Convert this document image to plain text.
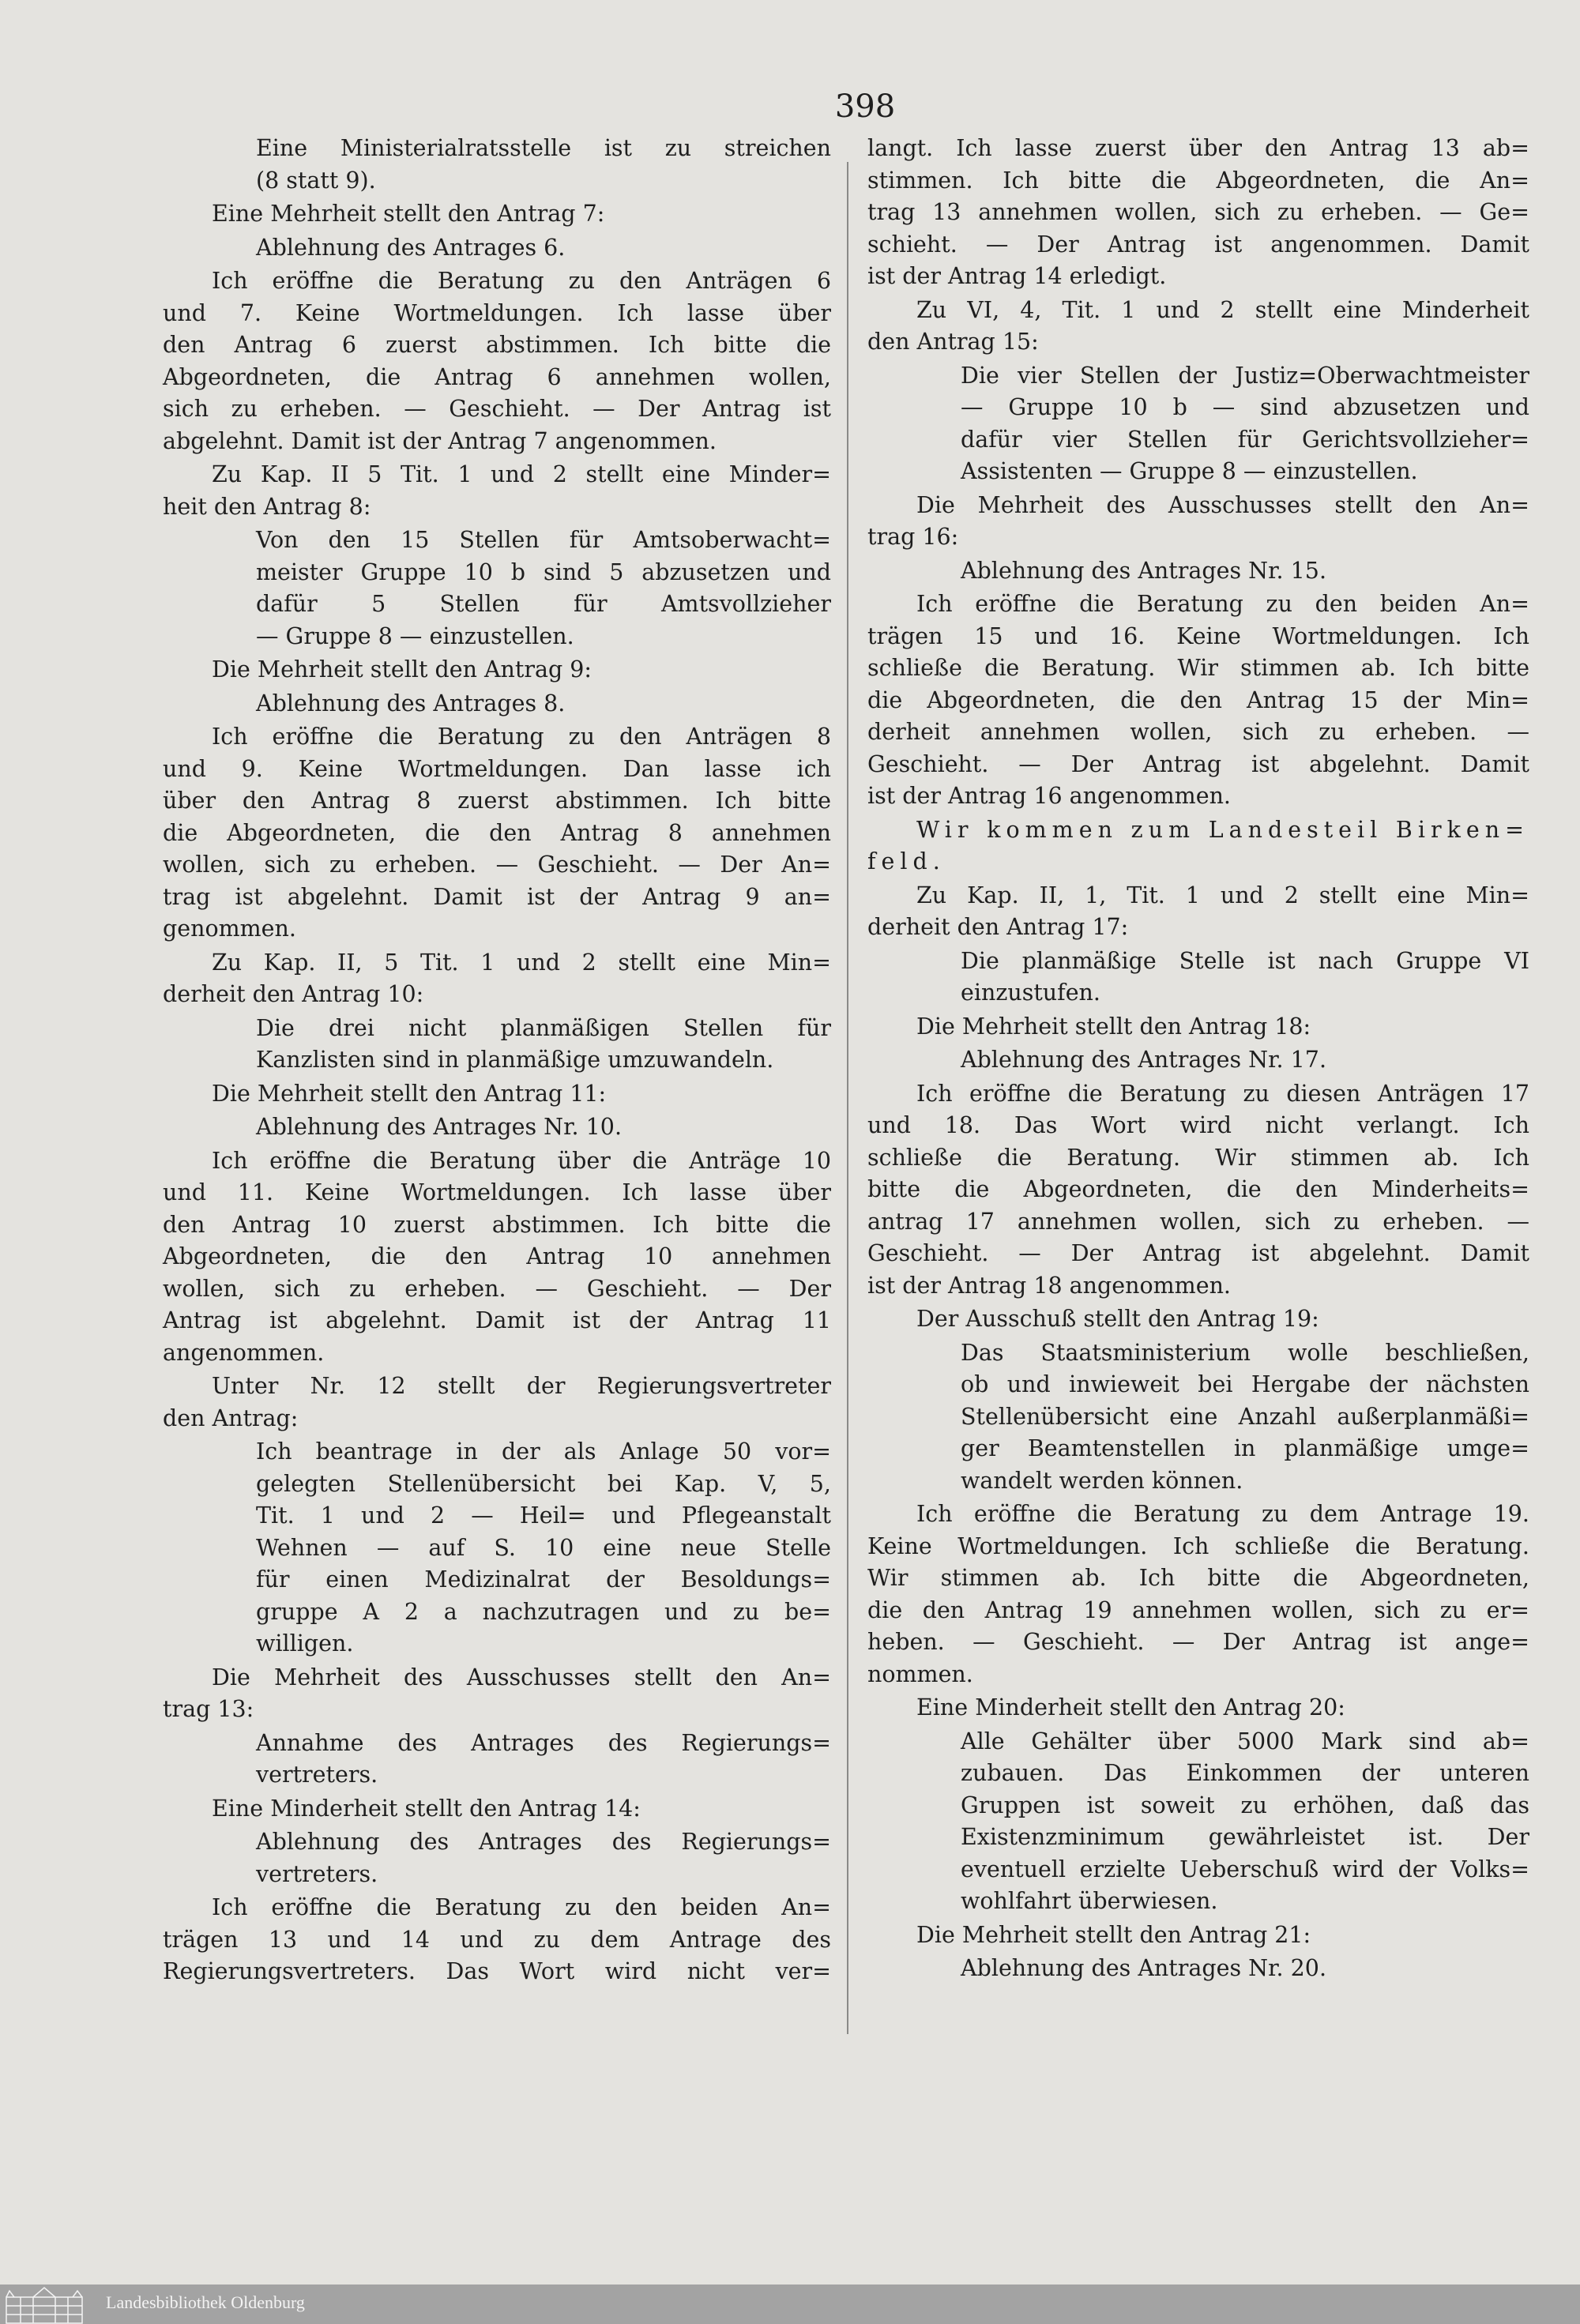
398
Eine Ministerialratsstelle ist zu streichen
(8 statt 9).
Eine Mehrheit stellt den Antrag 7:
Ablehnung des Antrages 6.
Ich eröffne die Beratung zu den Anträgen 6
und 7. Keine Wortmeldungen. Ich lasse über
den Antrag 6 zuerst abstimmen. Ich bitte die
Abgeordneten, die Antrag 6 annehmen wollen,
sich zu erheben. — Geschieht. — Der Antrag ist
abgelehnt. Damit ist der Antrag 7 angenommen.
Zu Kap. II 5 Tit. 1 und 2 stellt eine Minder=
heit den Antrag 8:
Von den 15 Stellen für Amtsoberwacht=
meister Gruppe 10 b sind 5 abzusetzen und
dafür 5 Stellen für Amtsvollzieher
— Gruppe 8 — einzustellen.
Die Mehrheit stellt den Antrag 9:
Ablehnung des Antrages 8.
Ich eröffne die Beratung zu den Anträgen 8
und 9. Keine Wortmeldungen. Dan lasse ich
über den Antrag 8 zuerst abstimmen. Ich bitte
die Abgeordneten, die den Antrag 8 annehmen
wollen, sich zu erheben. — Geschieht. — Der An=
trag ist abgelehnt. Damit ist der Antrag 9 an=
genommen.
Zu Kap. II, 5 Tit. 1 und 2 stellt eine Min=
derheit den Antrag 10:
Die drei nicht planmäßigen Stellen für
Kanzlisten sind in planmäßige umzuwandeln.
Die Mehrheit stellt den Antrag 11:
Ablehnung des Antrages Nr. 10.
Ich eröffne die Beratung über die Anträge 10
und 11. Keine Wortmeldungen. Ich lasse über
den Antrag 10 zuerst abstimmen. Ich bitte die
Abgeordneten, die den Antrag 10 annehmen
wollen, sich zu erheben. — Geschieht. — Der
Antrag ist abgelehnt. Damit ist der Antrag 11
angenommen.
Unter Nr. 12 stellt der Regierungsvertreter
den Antrag:
Ich beantrage in der als Anlage 50 vor=
gelegten Stellenübersicht bei Kap. V, 5,
Tit. 1 und 2 — Heil= und Pflegeanstalt
Wehnen — auf S. 10 eine neue Stelle
für einen Medizinalrat der Besoldungs=
gruppe A 2 a nachzutragen und zu be=
willigen.
Die Mehrheit des Ausschusses stellt den An=
trag 13:
Annahme des Antrages des Regierungs=
vertreters.
Eine Minderheit stellt den Antrag 14:
Ablehnung des Antrages des Regierungs=
vertreters.
Ich eröffne die Beratung zu den beiden An=
trägen 13 und 14 und zu dem Antrage des
Regierungsvertreters. Das Wort wird nicht ver=
langt. Ich lasse zuerst über den Antrag 13 ab=
stimmen. Ich bitte die Abgeordneten, die An=
trag 13 annehmen wollen, sich zu erheben. — Ge=
schieht. — Der Antrag ist angenommen. Damit
ist der Antrag 14 erledigt.
Zu VI, 4, Tit. 1 und 2 stellt eine Minderheit
den Antrag 15:
Die vier Stellen der Justiz=Oberwachtmeister
— Gruppe 10 b — sind abzusetzen und
dafür vier Stellen für Gerichtsvollzieher=
Assistenten — Gruppe 8 — einzustellen.
Die Mehrheit des Ausschusses stellt den An=
trag 16:
Ablehnung des Antrages Nr. 15.
Ich eröffne die Beratung zu den beiden An=
trägen 15 und 16. Keine Wortmeldungen. Ich
schließe die Beratung. Wir stimmen ab. Ich bitte
die Abgeordneten, die den Antrag 15 der Min=
derheit annehmen wollen, sich zu erheben. —
Geschieht. — Der Antrag ist abgelehnt. Damit
ist der Antrag 16 angenommen.
Wir kommen zum Landesteil Birken=
feld.
Zu Kap. II, 1, Tit. 1 und 2 stellt eine Min=
derheit den Antrag 17:
Die planmäßige Stelle ist nach Gruppe VI
einzustufen.
Die Mehrheit stellt den Antrag 18:
Ablehnung des Antrages Nr. 17.
Ich eröffne die Beratung zu diesen Anträgen 17
und 18. Das Wort wird nicht verlangt. Ich
schließe die Beratung. Wir stimmen ab. Ich
bitte die Abgeordneten, die den Minderheits=
antrag 17 annehmen wollen, sich zu erheben. —
Geschieht. — Der Antrag ist abgelehnt. Damit
ist der Antrag 18 angenommen.
Der Ausschuß stellt den Antrag 19:
Das Staatsministerium wolle beschließen,
ob und inwieweit bei Hergabe der nächsten
Stellenübersicht eine Anzahl außerplanmäßi=
ger Beamtenstellen in planmäßige umge=
wandelt werden können.
Ich eröffne die Beratung zu dem Antrage 19.
Keine Wortmeldungen. Ich schließe die Beratung.
Wir stimmen ab. Ich bitte die Abgeordneten,
die den Antrag 19 annehmen wollen, sich zu er=
heben. — Geschieht. — Der Antrag ist ange=
nommen.
Eine Minderheit stellt den Antrag 20:
Alle Gehälter über 5000 Mark sind ab=
zubauen. Das Einkommen der unteren
Gruppen ist soweit zu erhöhen, daß das
Existenzminimum gewährleistet ist. Der
eventuell erzielte Ueberschuß wird der Volks=
wohlfahrt überwiesen.
Die Mehrheit stellt den Antrag 21:
Ablehnung des Antrages Nr. 20.
Landesbibliothek Oldenburg
